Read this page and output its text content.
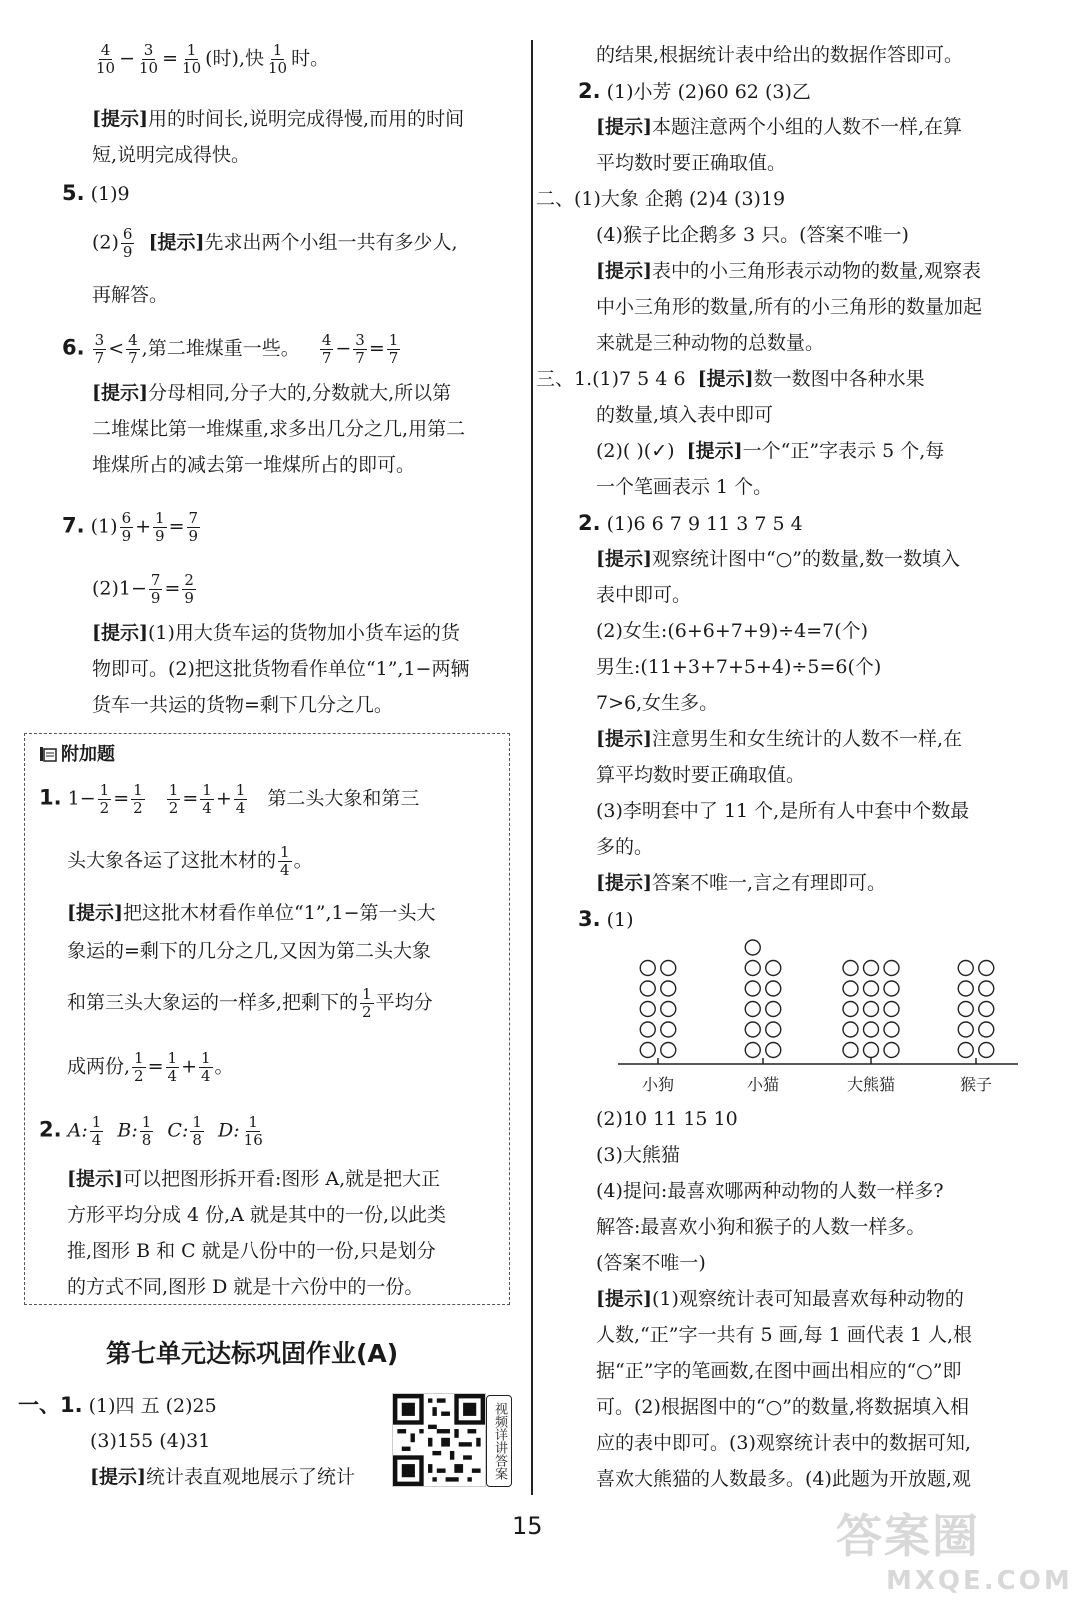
$\frac{4}{10} - \frac{3}{10} = \frac{1}{10}$ (时),快 $\frac{1}{10}$ 时。
[提示]用的时间长,说明完成得慢,而用的时间
短,说明完成得快。
5. (1)9
$(2) \frac{6}{9}$ [提示]先求出两个小组一共有多少人,
再解答。
6. $\frac{3}{7} < \frac{4}{7}$ ,第二堆煤重一些。 $\frac{4}{7} - \frac{3}{7} = \frac{1}{7}$
[提示]分母相同,分子大的,分数就大,所以第
二堆煤比第一堆煤重,求多出几分之几,用第二
堆煤所占的减去第一堆煤所占的即可。
7. $(1) \frac{6}{9} + \frac{1}{9} = \frac{7}{9}$
$(2)1- \frac{7}{9} = \frac{2}{9}$
[提示](1)用大货车运的货物加小货车运的货
物即可。(2)把这批货物看作单位“1”,1−两辆
货车一共运的货物=剩下几分之几。
附加题
1. $1- \frac{1}{2} = \frac{1}{2}$
$\frac{1}{2} = \frac{1}{4} + \frac{1}{4}$ 第二头大象和第三
头大象各运了这批木材的 $\frac{1}{4}$ 。
[提示]把这批木材看作单位“1”,1−第一头大
象运的=剩下的几分之几,又因为第二头大象
和第三头大象运的一样多,把剩下的 $\frac{1}{2}$ 平均分
成两份, $\frac{1}{2} = \frac{1}{4} + \frac{1}{4}$ 。
2. A: $\frac{1}{4} B$: $\frac{1}{8} C$: $\frac{1}{8} D$: $\frac{1}{16}$
[提示]可以把图形拆开看:图形 A,就是把大正
方形平均分成 4 份,A 就是其中的一份,以此类
推,图形 B 和 C 就是八份中的一份,只是划分
的方式不同,图形 D 就是十六份中的一份。
第七单元达标巩固作业(A)
一、1. (1)四 五 (2)25
(3)155 (4)31
[提示]统计表直观地展示了统计	视频详讲答案
的结果,根据统计表中给出的数据作答即可。
2. (1)小芳 (2)60 62 (3)乙
[提示]本题注意两个小组的人数不一样,在算
平均数时要正确取值。
二、(1)大象 企鹅 (2)4 (3)19
(4)猴子比企鹅多 3 只。(答案不唯一)
[提示]表中的小三角形表示动物的数量,观察表
中小三角形的数量,所有的小三角形的数量加起
来就是三种动物的总数量。
三、1.(1)7 5 4 6 [提示]数一数图中各种水果
的数量,填入表中即可
(2)( )(✓) [提示]一个“正”字表示 5 个,每
一个笔画表示 1 个。
2. (1)6 6 7 9 11 3 7 5 4
[提示]观察统计图中“○”的数量,数一数填入
表中即可。
(2)女生:(6+6+7+9)÷4=7(个)
男生:(11+3+7+5+4)÷5=6(个)
7>6,女生多。
[提示]注意男生和女生统计的人数不一样,在
算平均数时要正确取值。
(3)李明套中了 11 个,是所有人中套中个数最
多的。
[提示]答案不唯一,言之有理即可。
3. (1)
(2)10 11 15 10
(3)大熊猫
(4)提问:最喜欢哪两种动物的人数一样多?
解答:最喜欢小狗和猴子的人数一样多。
(答案不唯一)
[提示](1)观察统计表可知最喜欢每种动物的
人数,“正”字一共有 5 画,每 1 画代表 1 人,根
据“正”字的笔画数,在图中画出相应的“○”即
可。(2)根据图中的“○”的数量,将数据填入相
应的表中即可。(3)观察统计表中的数据可知,
喜欢大熊猫的人数最多。(4)此题为开放题,观
小狗	小猫	大熊猫	猴子
15	答案圈
MXQE.COM
